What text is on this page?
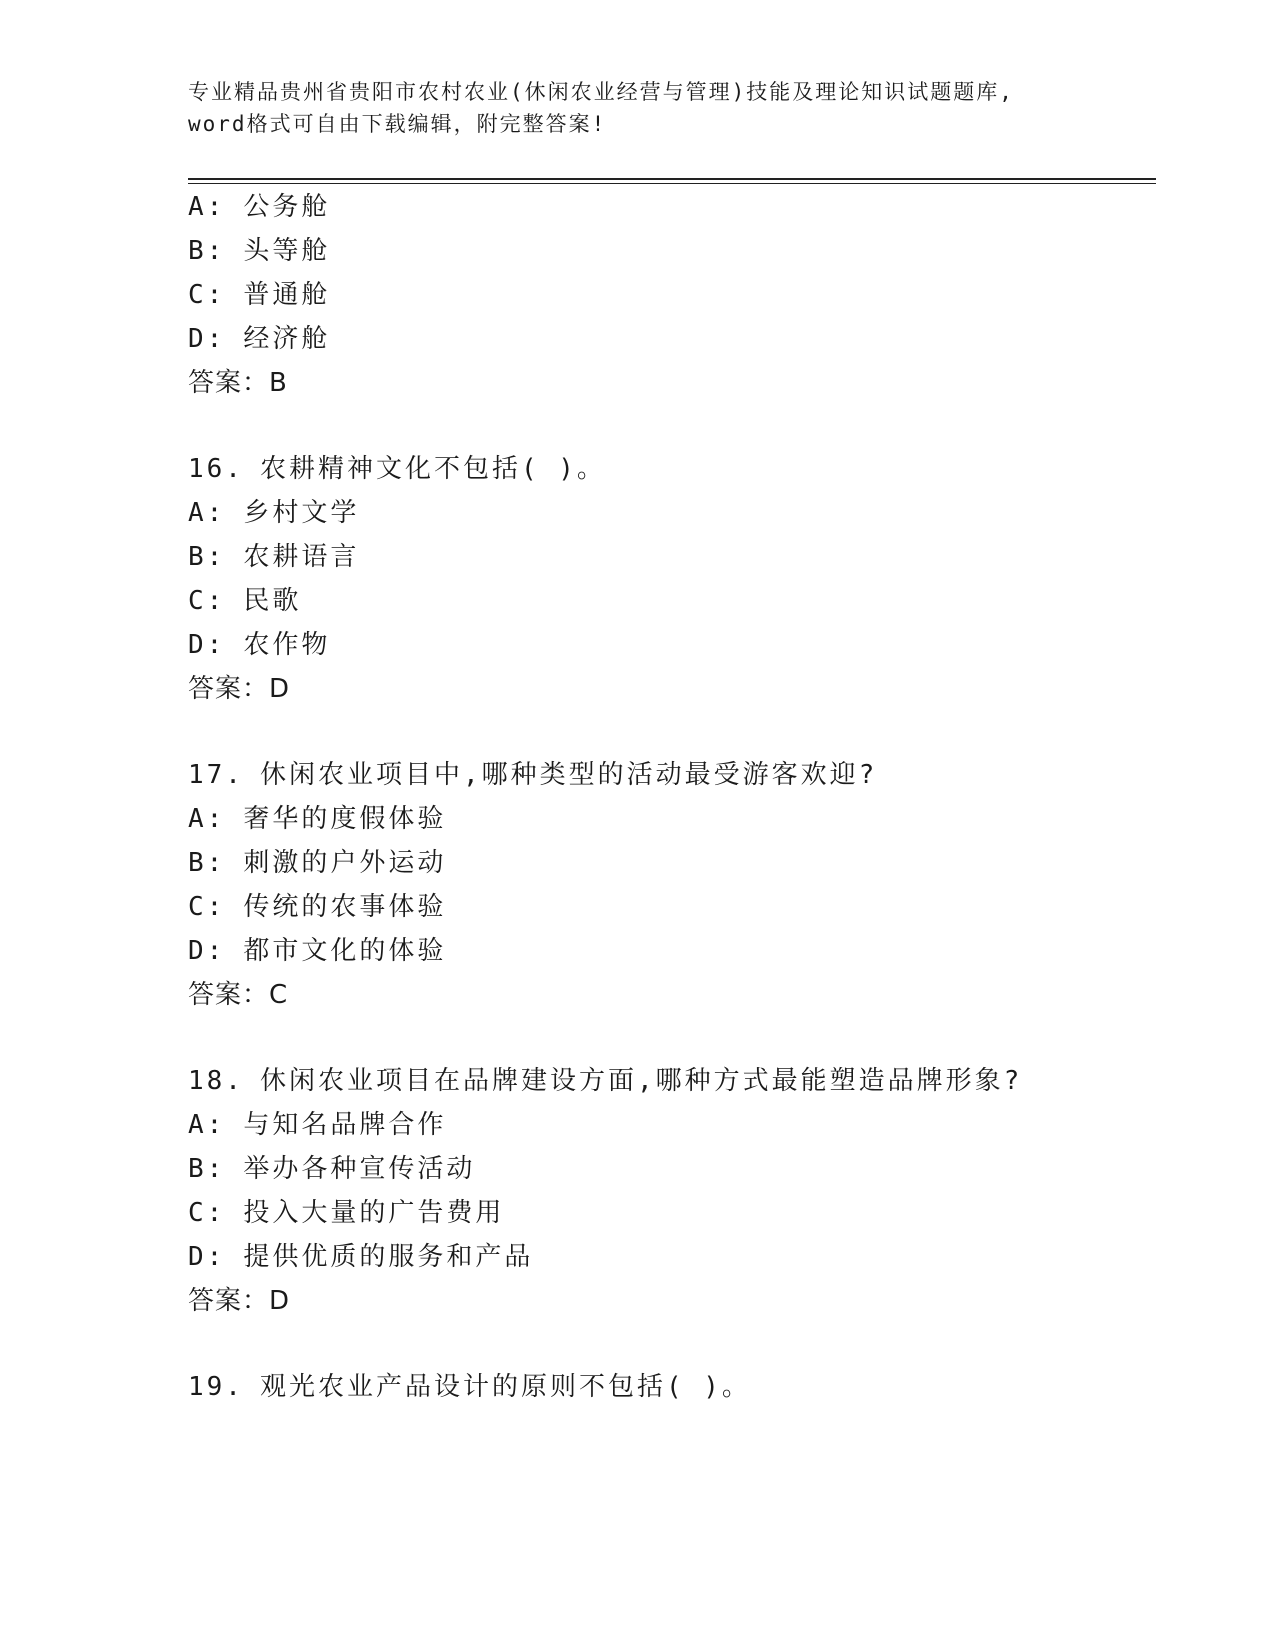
专业精品贵州省贵阳市农村农业(休闲农业经营与管理)技能及理论知识试题题库,
word格式可自由下载编辑，附完整答案!
A: 公务舱
B: 头等舱
C: 普通舱
D: 经济舱
答案：B
16. 农耕精神文化不包括( )。
A: 乡村文学
B: 农耕语言
C: 民歌
D: 农作物
答案：D
17. 休闲农业项目中,哪种类型的活动最受游客欢迎?
A: 奢华的度假体验
B: 刺激的户外运动
C: 传统的农事体验
D: 都市文化的体验
答案：C
18. 休闲农业项目在品牌建设方面,哪种方式最能塑造品牌形象?
A:与知名品牌合作
B: 举办各种宣传活动
C: 投入大量的广告费用
D: 提供优质的服务和产品
答案：D
19. 观光农业产品设计的原则不包括( )。
